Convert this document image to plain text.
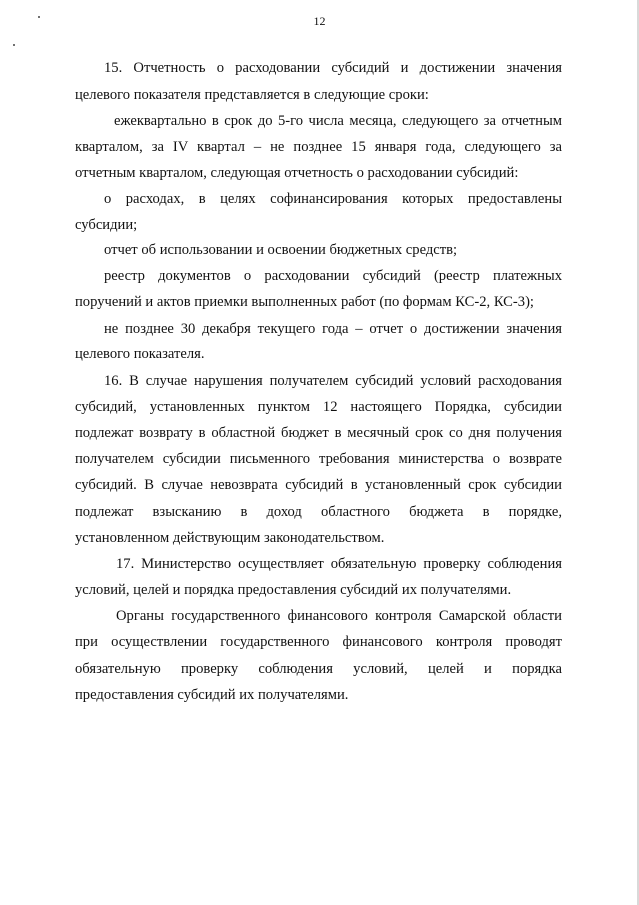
12
15. Отчетность о расходовании субсидий и достижении значения
целевого показателя представляется в следующие сроки:
ежеквартально в срок до 5-го числа месяца, следующего за отчетным
кварталом, за IV квартал – не позднее 15 января года, следующего за
отчетным кварталом, следующая отчетность о расходовании субсидий:
о расходах, в целях софинансирования которых предоставлены
субсидии;
отчет об использовании и освоении бюджетных средств;
реестр документов о расходовании субсидий (реестр платежных
поручений и актов приемки выполненных работ (по формам КС-2, КС-3);
не позднее 30 декабря текущего года – отчет о достижении значения
целевого показателя.
16. В случае нарушения получателем субсидий условий расходования
субсидий, установленных пунктом 12 настоящего Порядка, субсидии
подлежат возврату в областной бюджет в месячный срок со дня получения
получателем субсидии письменного требования министерства о возврате
субсидий. В случае невозврата субсидий в установленный срок субсидии
подлежат взысканию в доход областного бюджета в порядке,
установленном действующим законодательством.
17. Министерство осуществляет обязательную проверку соблюдения
условий, целей и порядка предоставления субсидий их получателями.
Органы государственного финансового контроля Самарской области
при осуществлении государственного финансового контроля проводят
обязательную проверку соблюдения условий, целей и порядка
предоставления субсидий их получателями.
